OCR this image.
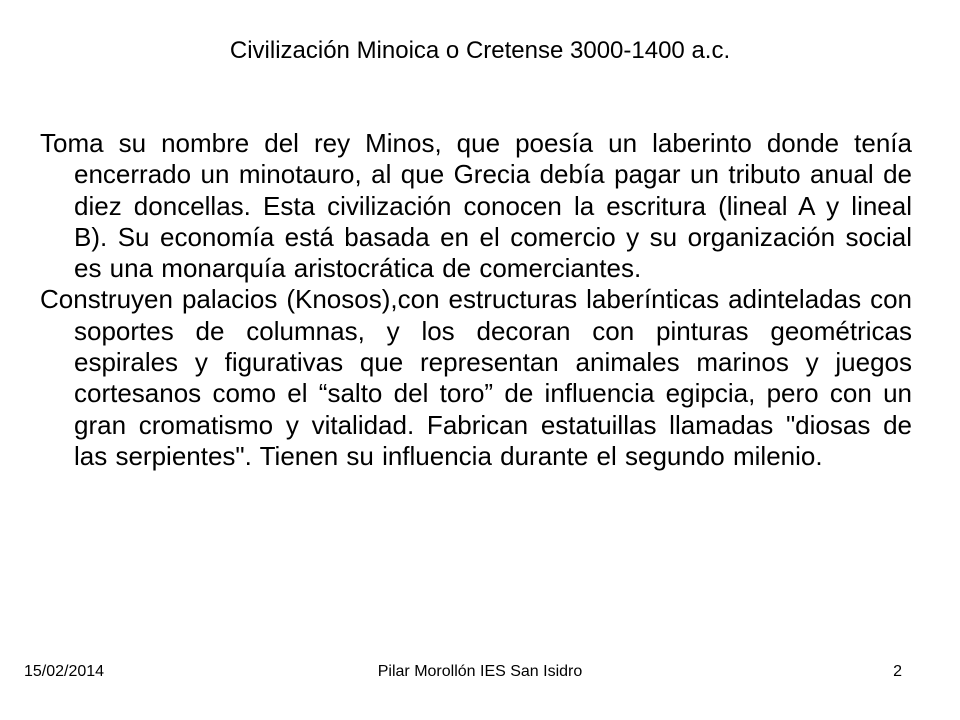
Civilización Minoica o Cretense 3000-1400 a.c.

Toma su nombre del rey Minos, que poesía un laberinto donde tenía encerrado un minotauro, al que Grecia debía pagar un tributo anual de diez doncellas. Esta civilización conocen la escritura (lineal A y lineal B). Su economía está basada en el comercio y su organización social es una monarquía aristocrática de comerciantes.

Construyen palacios (Knosos),con estructuras laberínticas adinteladas con soportes de columnas, y los decoran con pinturas geométricas espirales y figurativas que representan animales marinos y juegos cortesanos como el “salto del toro” de influencia egipcia, pero con un gran cromatismo y vitalidad. Fabrican estatuillas llamadas "diosas de las serpientes". Tienen su influencia durante el segundo milenio.

15/02/2014	Pilar Morollón IES San Isidro	2
